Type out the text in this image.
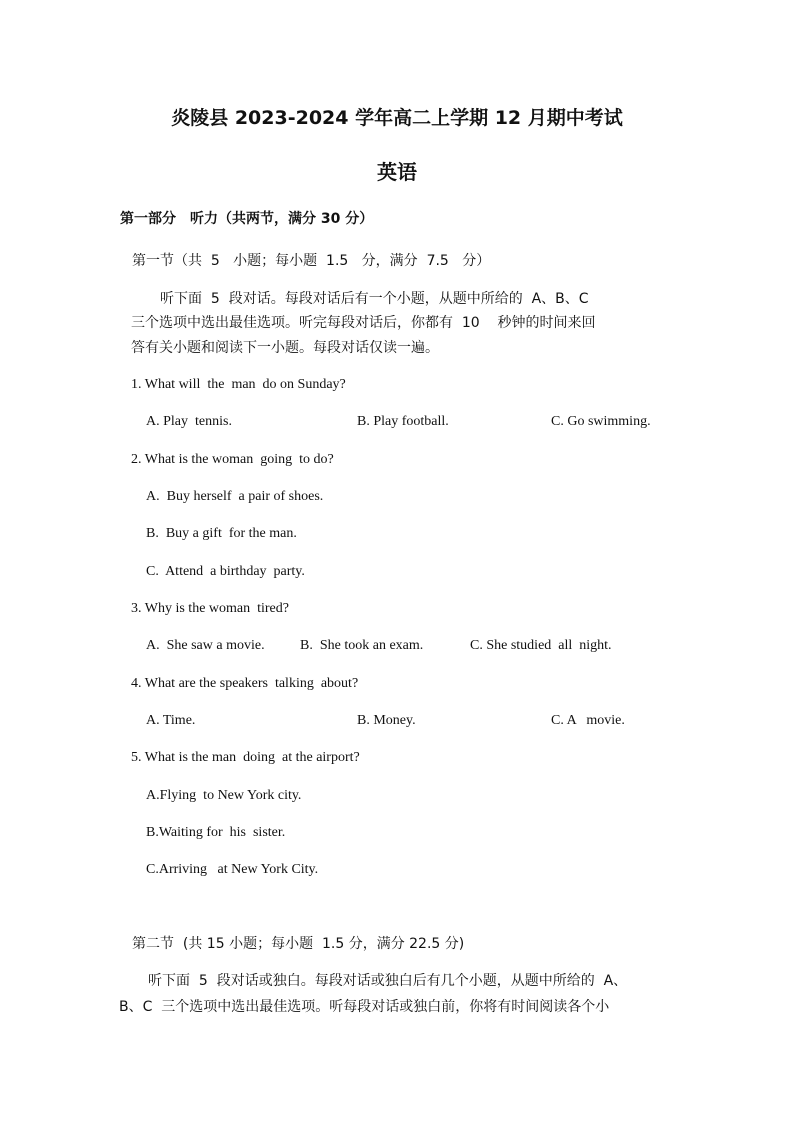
炎陵县 2023-2024 学年高二上学期 12 月期中考试
英语
第一部分　听力（共两节，满分 30 分）
第一节（共  5   小题；每小题  1.5   分，满分  7.5   分）
听下面  5  段对话。每段对话后有一个小题，从题中所给的  A、B、C
三个选项中选出最佳选项。听完每段对话后，你都有  10    秒钟的时间来回
答有关小题和阅读下一小题。每段对话仅读一遍。
1. What will  the  man  do on Sunday?
A. Play  tennis.	B. Play football.	C. Go swimming.
2. What is the woman  going  to do?
A.  Buy herself  a pair of shoes.
B.  Buy a gift  for the man.
C.  Attend  a birthday  party.
3. Why is the woman  tired?
A.  She saw a movie.	B.  She took an exam.	C. She studied  all  night.
4. What are the speakers  talking  about?
A. Time.	B. Money.	C. A   movie.
5. What is the man  doing  at the airport?
A.Flying  to New York city.
B.Waiting for  his  sister.
C.Arriving   at New York City.
第二节  (共 15 小题；每小题  1.5 分，满分 22.5 分)
听下面  5  段对话或独白。每段对话或独白后有几个小题，从题中所给的  A、
B、C  三个选项中选出最佳选项。听每段对话或独白前，你将有时间阅读各个小
